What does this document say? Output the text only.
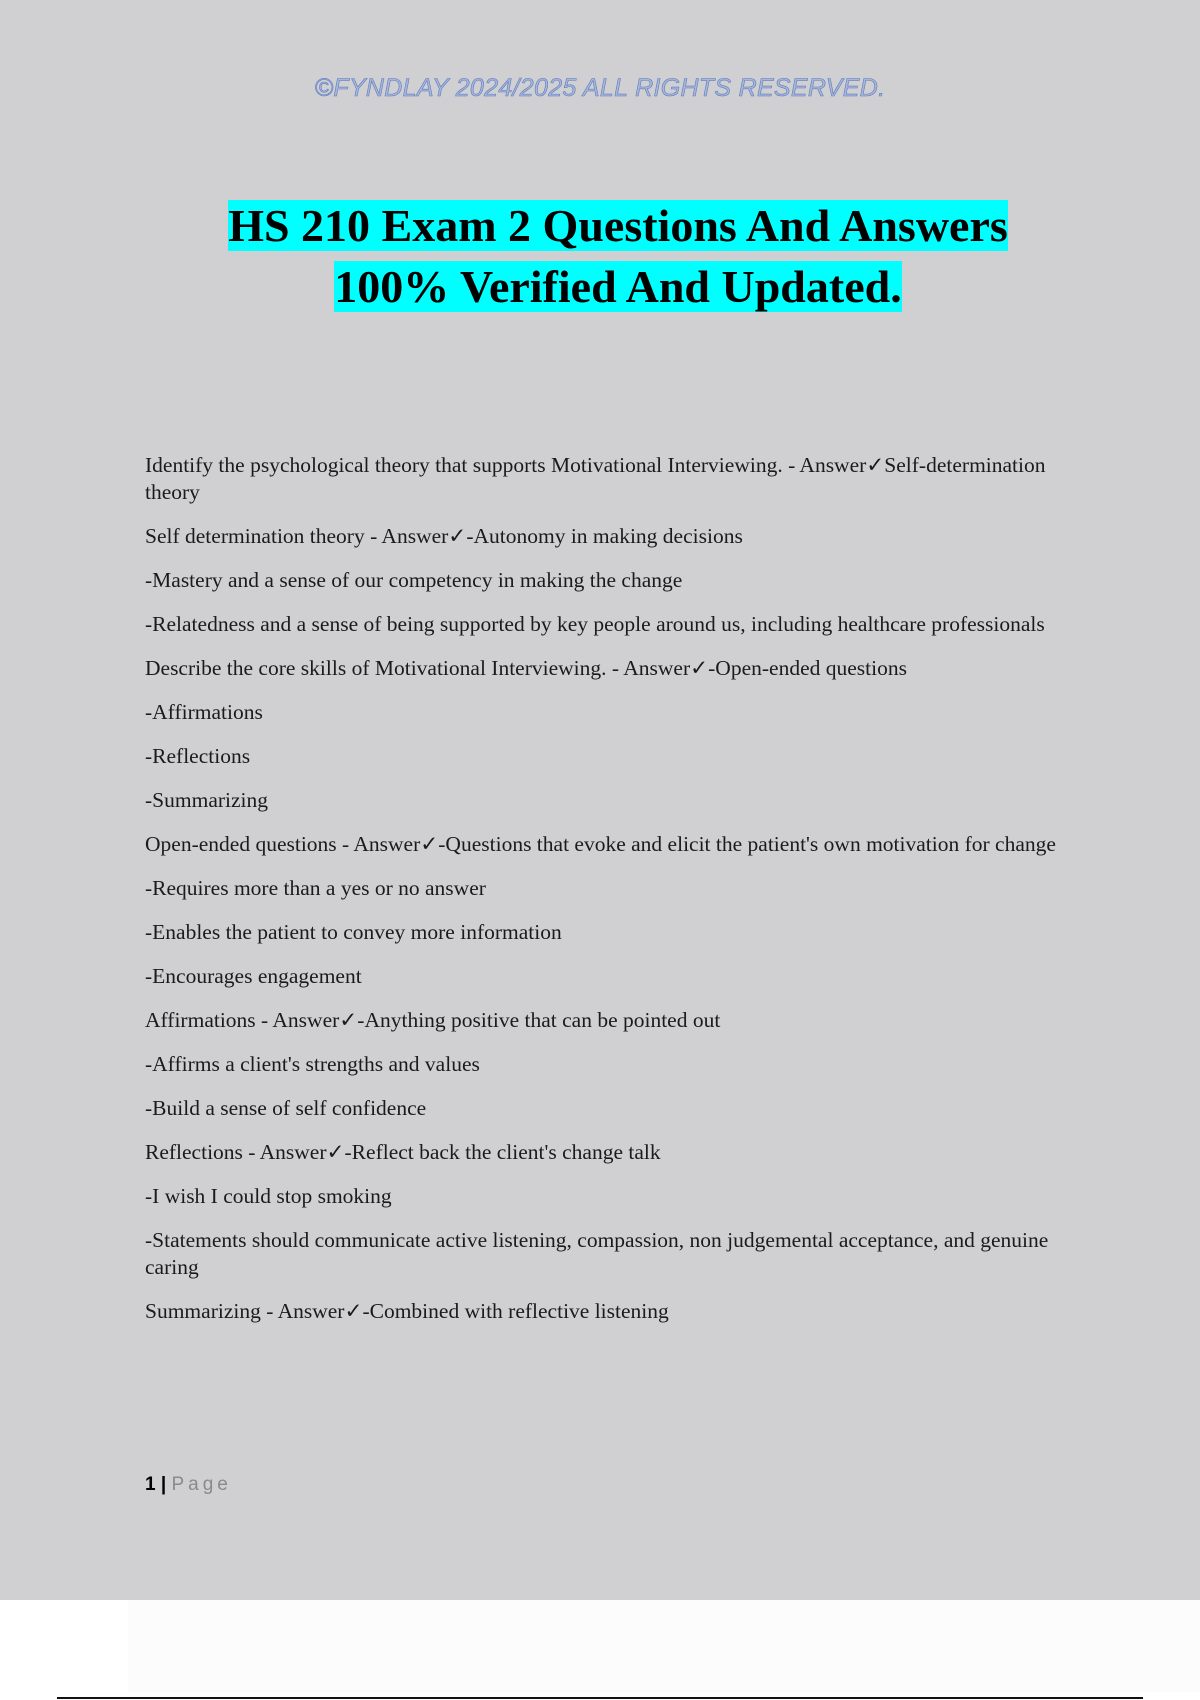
©FYNDLAY 2024/2025 ALL RIGHTS RESERVED.
HS 210 Exam 2 Questions And Answers
100% Verified And Updated.

Identify the psychological theory that supports Motivational Interviewing. - Answer✓Self-determination theory

Self determination theory - Answer✓-Autonomy in making decisions

-Mastery and a sense of our competency in making the change

-Relatedness and a sense of being supported by key people around us, including healthcare professionals

Describe the core skills of Motivational Interviewing. - Answer✓-Open-ended questions

-Affirmations

-Reflections

-Summarizing

Open-ended questions - Answer✓-Questions that evoke and elicit the patient's own motivation for change

-Requires more than a yes or no answer

-Enables the patient to convey more information

-Encourages engagement

Affirmations - Answer✓-Anything positive that can be pointed out

-Affirms a client's strengths and values

-Build a sense of self confidence

Reflections - Answer✓-Reflect back the client's change talk

-I wish I could stop smoking

-Statements should communicate active listening, compassion, non judgemental acceptance, and genuine caring

Summarizing - Answer✓-Combined with reflective listening

1 | Page
